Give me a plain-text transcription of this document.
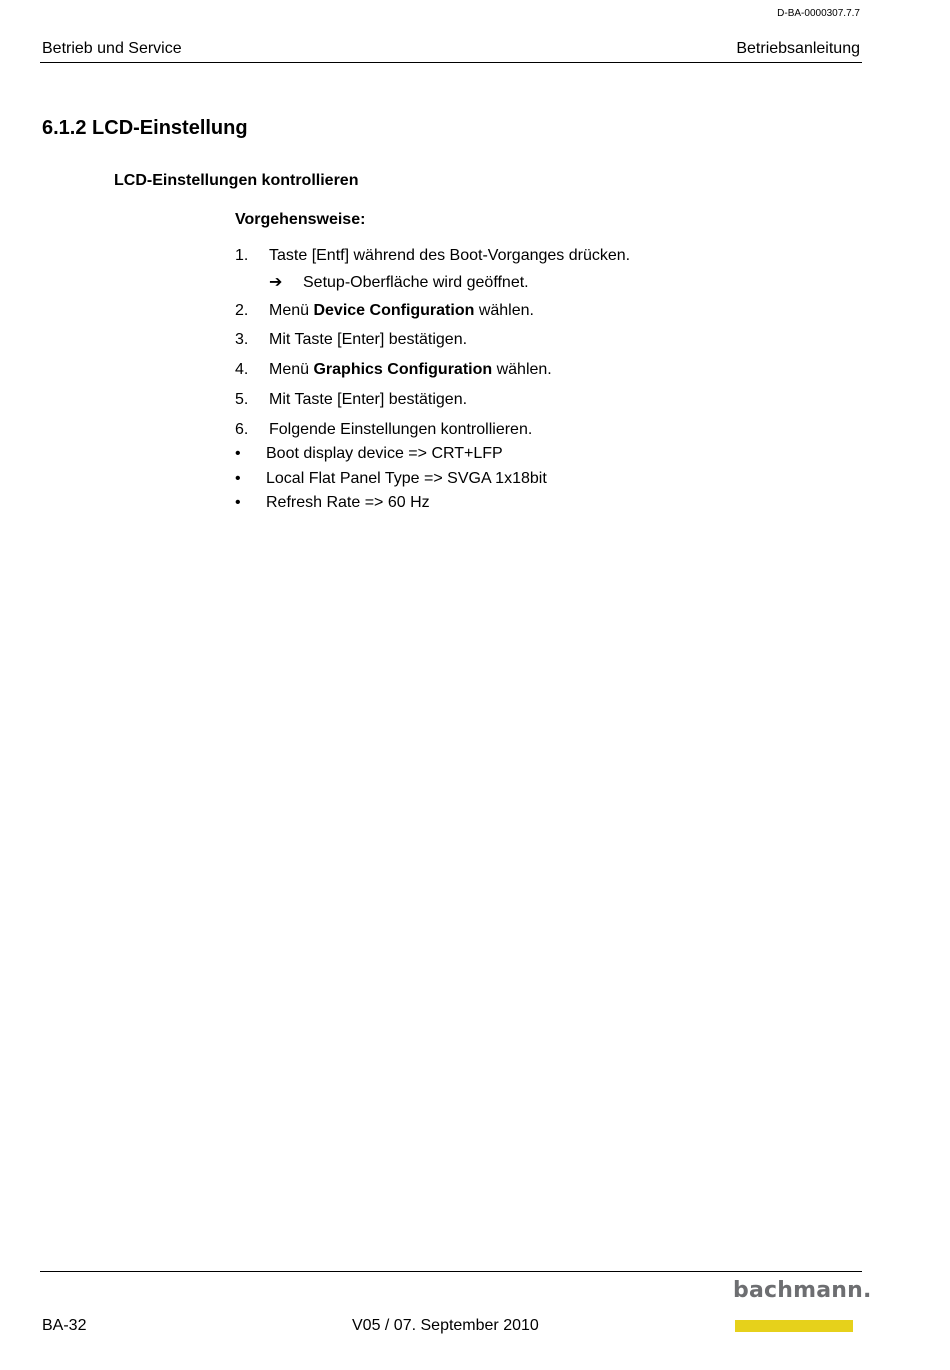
D-BA-0000307.7.7
Betrieb und Service	Betriebsanleitung
6.1.2 LCD-Einstellung
LCD-Einstellungen kontrollieren
Vorgehensweise:
1. Taste [Entf] während des Boot-Vorganges drücken.
➔ Setup-Oberfläche wird geöffnet.
2. Menü Device Configuration wählen.
3. Mit Taste [Enter] bestätigen.
4. Menü Graphics Configuration wählen.
5. Mit Taste [Enter] bestätigen.
6. Folgende Einstellungen kontrollieren.
• Boot display device => CRT+LFP
• Local Flat Panel Type => SVGA 1x18bit
• Refresh Rate => 60 Hz
BA-32	V05 / 07. September 2010
bachmann.
